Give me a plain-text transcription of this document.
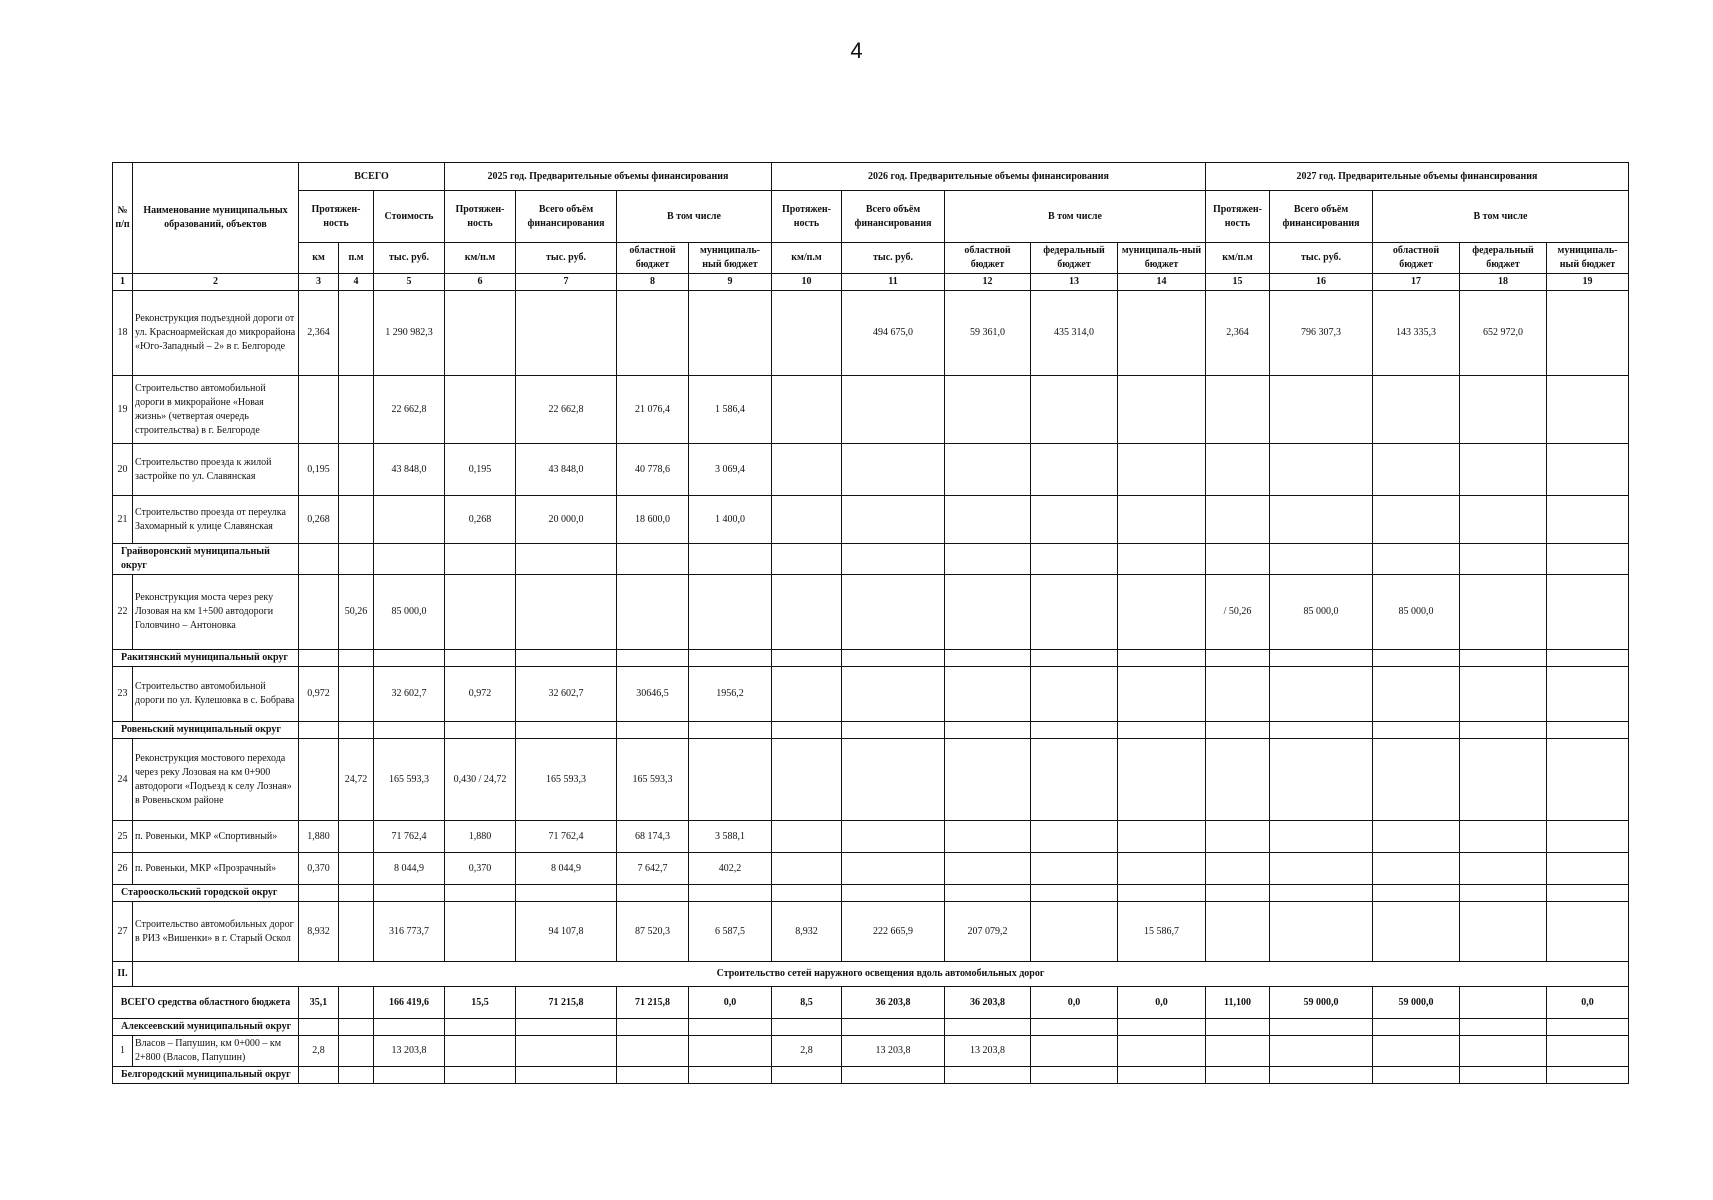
4
№ п/п	Наименование муниципальных образований, объектов	ВСЕГО			2025 год. Предварительные объемы финансирования				2026 год. Предварительные объемы финансирования					2027 год. Предварительные объемы финансирования				
		Протяжен-ность		Стоимость	Протяжен-ность	Всего объём финансирования	В том числе		Протяжен-ность	Всего объём финансирования	В том числе			Протяжен-ность	Всего объём финансирования	В том числе		
		км	п.м	тыс. руб.	км/п.м	тыс. руб.	областной бюджет	муниципаль-ный бюджет	км/п.м	тыс. руб.	областной бюджет	федеральный бюджет	муниципаль-ный бюджет	км/п.м	тыс. руб.	областной бюджет	федеральный бюджет	муниципаль-ный бюджет
1	2	3	4	5	6	7	8	9	10	11	12	13	14	15	16	17	18	19
18	Реконструкция подъездной дороги от ул. Красноармейская до микрорайона «Юго-Западный – 2» в г. Белгороде	2,364		1 290 982,3						494 675,0	59 361,0	435 314,0		2,364	796 307,3	143 335,3	652 972,0	
19	Строительство автомобильной дороги в микрорайоне «Новая жизнь» (четвертая очередь строительства) в г. Белгороде			22 662,8		22 662,8	21 076,4	1 586,4										
20	Строительство проезда к жилой застройке по ул. Славянская	0,195		43 848,0	0,195	43 848,0	40 778,6	3 069,4										
21	Строительство проезда от переулка Захомарный к улице Славянская	0,268			0,268	20 000,0	18 600,0	1 400,0										
Грайворонский муниципальный округ																		
22	Реконструкция моста через реку Лозовая на км 1+500 автодороги Головчино – Антоновка		50,26	85 000,0										/ 50,26	85 000,0	85 000,0		
Ракитянский муниципальный округ																		
23	Строительство автомобильной дороги по ул. Кулешовка в с. Бобрава	0,972		32 602,7	0,972	32 602,7	30646,5	1956,2										
Ровеньский муниципальный округ																		
24	Реконструкция мостового перехода через реку Лозовая на км 0+900 автодороги «Подъезд к селу Лозная» в Ровеньском районе		24,72	165 593,3	0,430 / 24,72	165 593,3	165 593,3											
25	п. Ровеньки, МКР «Спортивный»	1,880		71 762,4	1,880	71 762,4	68 174,3	3 588,1										
26	п. Ровеньки, МКР «Прозрачный»	0,370		8 044,9	0,370	8 044,9	7 642,7	402,2										
Старооскольский городской округ																		
27	Строительство автомобильных дорог в РИЗ «Вишенки» в г. Старый Оскол	8,932		316 773,7		94 107,8	87 520,3	6 587,5	8,932	222 665,9	207 079,2		15 586,7					
II.	Строительство сетей наружного освещения вдоль автомобильных дорог																	
ВСЕГО средства областного бюджета		35,1		166 419,6	15,5	71 215,8	71 215,8	0,0	8,5	36 203,8	36 203,8	0,0	0,0	11,100	59 000,0	59 000,0		0,0
Алексеевский муниципальный округ																		
1	Власов – Папушин, км 0+000 – км 2+800 (Власов, Папушин)	2,8		13 203,8					2,8	13 203,8	13 203,8							
Белгородский муниципальный округ																		
